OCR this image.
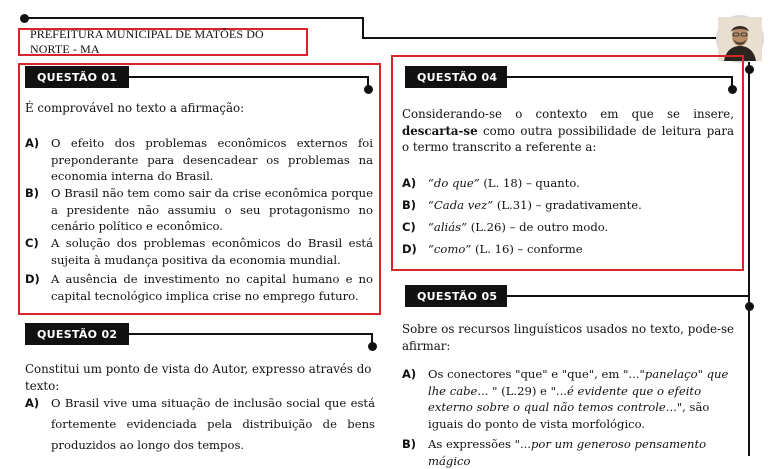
PREFEITURA MUNICIPAL DE MATÕES DO NORTE - MA
QUESTÃO 01
É comprovável no texto a afirmação:
A)	O efeito dos problemas econômicos externos foi preponderante para desencadear os problemas na economia interna do Brasil.
B)	O Brasil não tem como sair da crise econômica porque a presidente não assumiu o seu protagonismo no cenário político e econômico.
C)	A solução dos problemas econômicos do Brasil está sujeita à mudança positiva da economia mundial.
D) A ausência de investimento no capital humano e no capital tecnológico implica crise no emprego futuro.
QUESTÃO 02
Constitui um ponto de vista do Autor, expresso através do texto:
A)	O Brasil vive uma situação de inclusão social que está fortemente evidenciada pela distribuição de bens produzidos ao longo dos tempos.
QUESTÃO 04
Considerando-se o contexto em que se insere, descarta-se como outra possibilidade de leitura para o termo transcrito a referente a:
A)	“do que” (L. 18) – quanto.
B)	“Cada vez” (L.31) – gradativamente.
C)	“aliás” (L.26) – de outro modo.
D) “como” (L. 16) – conforme
QUESTÃO 05
Sobre os recursos linguísticos usados no texto, pode-se afirmar:
A)	Os conectores "que" e "que", em "..."panelaço" que lhe cabe... " (L.29) e "...é evidente que o efeito externo sobre o qual não temos controle...", são iguais do ponto de vista morfológico.
B)	As expressões "...por um generoso pensamento mágico
